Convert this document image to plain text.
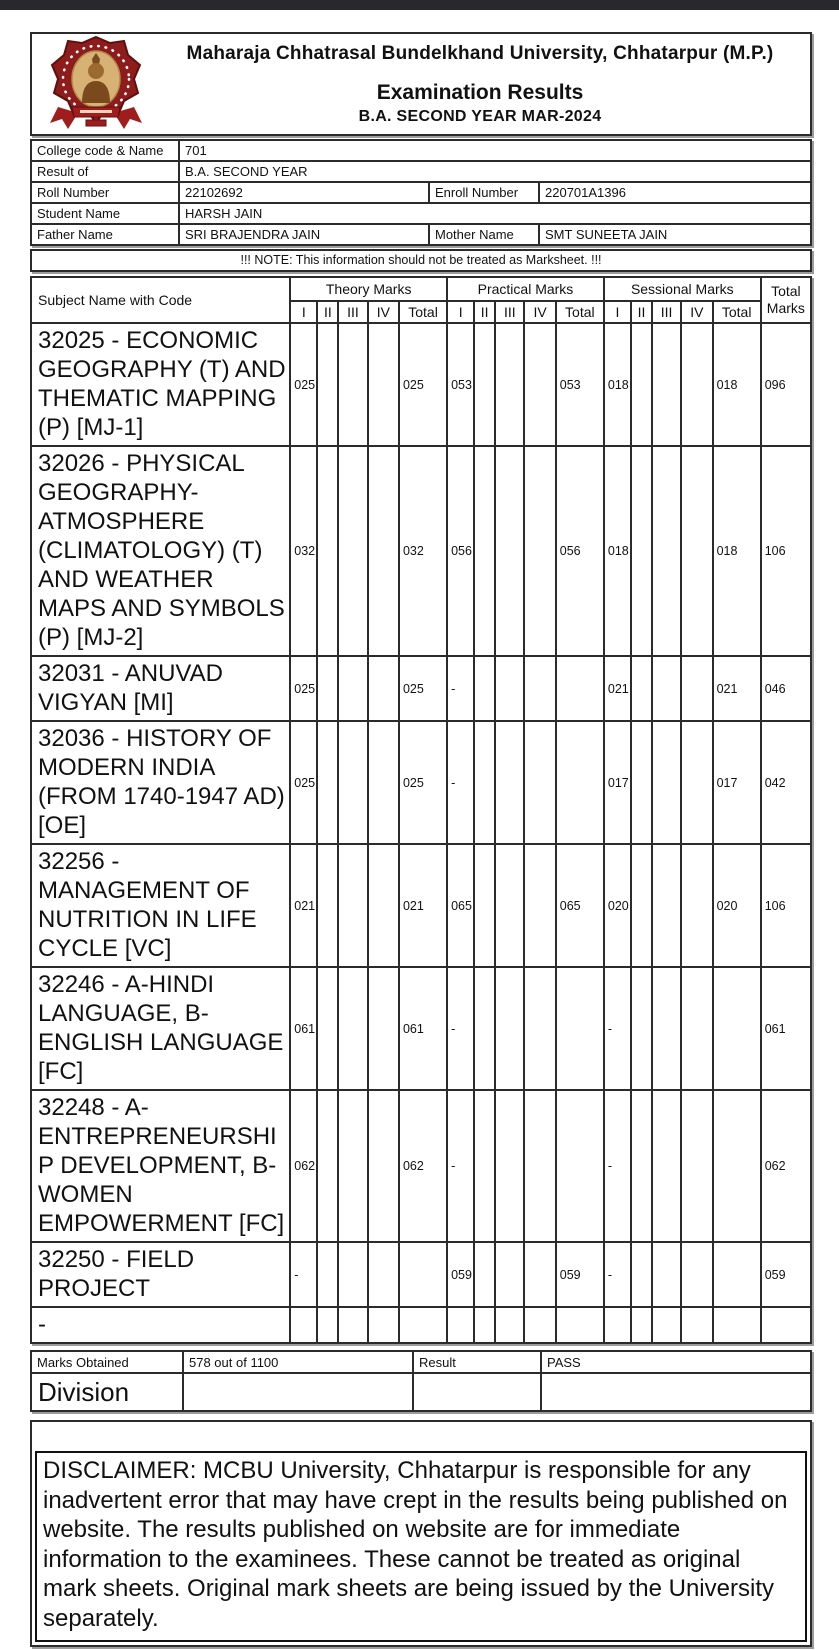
Maharaja Chhatrasal Bundelkhand University, Chhatarpur (M.P.)
Examination Results
B.A. SECOND YEAR MAR-2024
College code & Name	701		
Result of	B.A. SECOND YEAR		
Roll Number	22102692	Enroll Number	220701A1396
Student Name	HARSH JAIN		
Father Name	SRI BRAJENDRA JAIN	Mother Name	SMT SUNEETA JAIN
!!! NOTE: This information should not be treated as Marksheet. !!!
Subject Name with Code	Theory Marks					Practical Marks					Sessional Marks					Total Marks
	I	II	III	IV	Total	I	II	III	IV	Total	I	II	III	IV	Total	
32025 - ECONOMIC GEOGRAPHY (T) AND THEMATIC MAPPING (P) [MJ-1]	025				025	053				053	018				018	096
32026 - PHYSICAL GEOGRAPHY-ATMOSPHERE (CLIMATOLOGY) (T) AND WEATHER MAPS AND SYMBOLS (P) [MJ-2]	032				032	056				056	018				018	106
32031 - ANUVAD VIGYAN [MI]	025				025	-					021				021	046
32036 - HISTORY OF MODERN INDIA (FROM 1740-1947 AD) [OE]	025				025	-					017				017	042
32256 - MANAGEMENT OF NUTRITION IN LIFE CYCLE [VC]	021				021	065				065	020				020	106
32246 - A-HINDI LANGUAGE, B-ENGLISH LANGUAGE [FC]	061				061	-					-					061
32248 - A-ENTREPRENEURSHIP DEVELOPMENT, B-WOMEN EMPOWERMENT [FC]	062				062	-					-					062
32250 - FIELD PROJECT	-					059				059	-					059
-																
Marks Obtained	578 out of 1100	Result	PASS
Division			
DISCLAIMER: MCBU University, Chhatarpur is responsible for any inadvertent error that may have crept in the results being published on website. The results published on website are for immediate information to the examinees. These cannot be treated as original mark sheets. Original mark sheets are being issued by the University separately.
